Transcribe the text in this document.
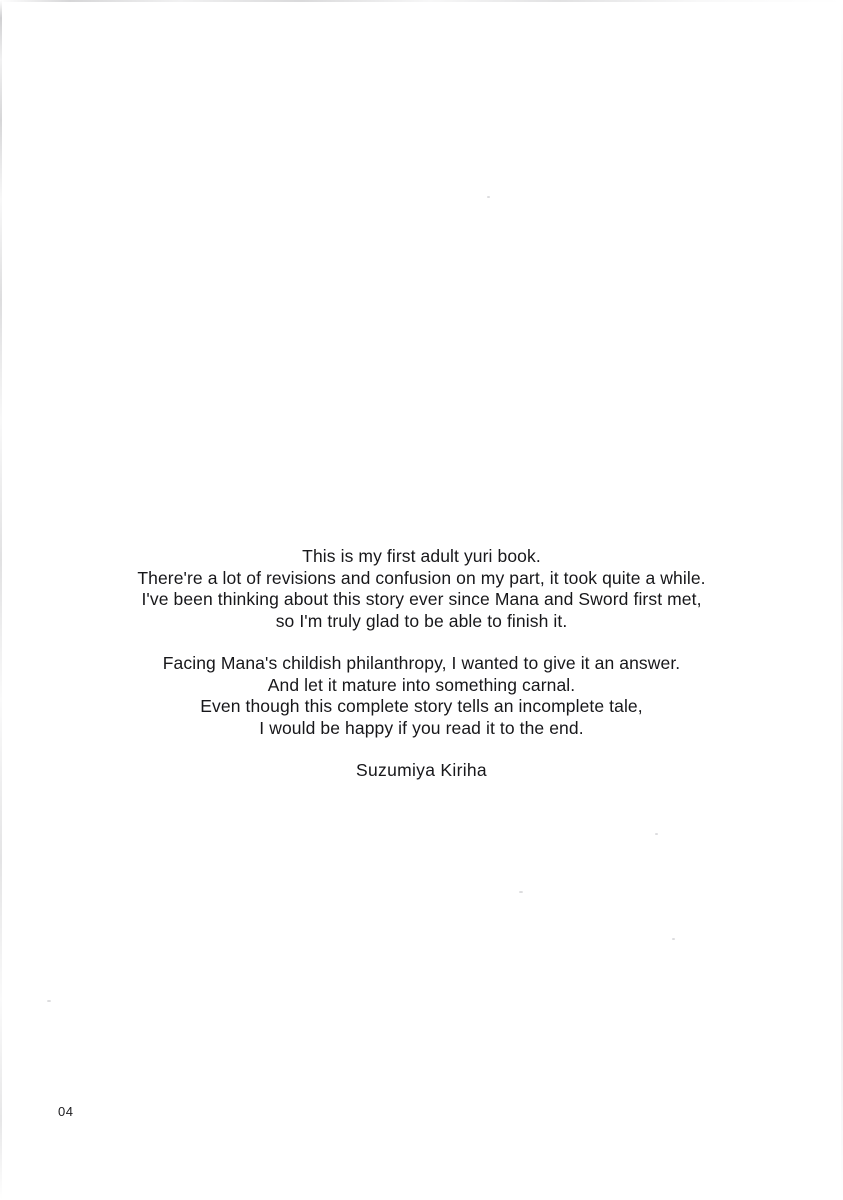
This is my first adult yuri book.
There're a lot of revisions and confusion on my part, it took quite a while.
I've been thinking about this story ever since Mana and Sword first met,
so I'm truly glad to be able to finish it.
Facing Mana's childish philanthropy, I wanted to give it an answer.
And let it mature into something carnal.
Even though this complete story tells an incomplete tale,
I would be happy if you read it to the end.
Suzumiya Kiriha
04
